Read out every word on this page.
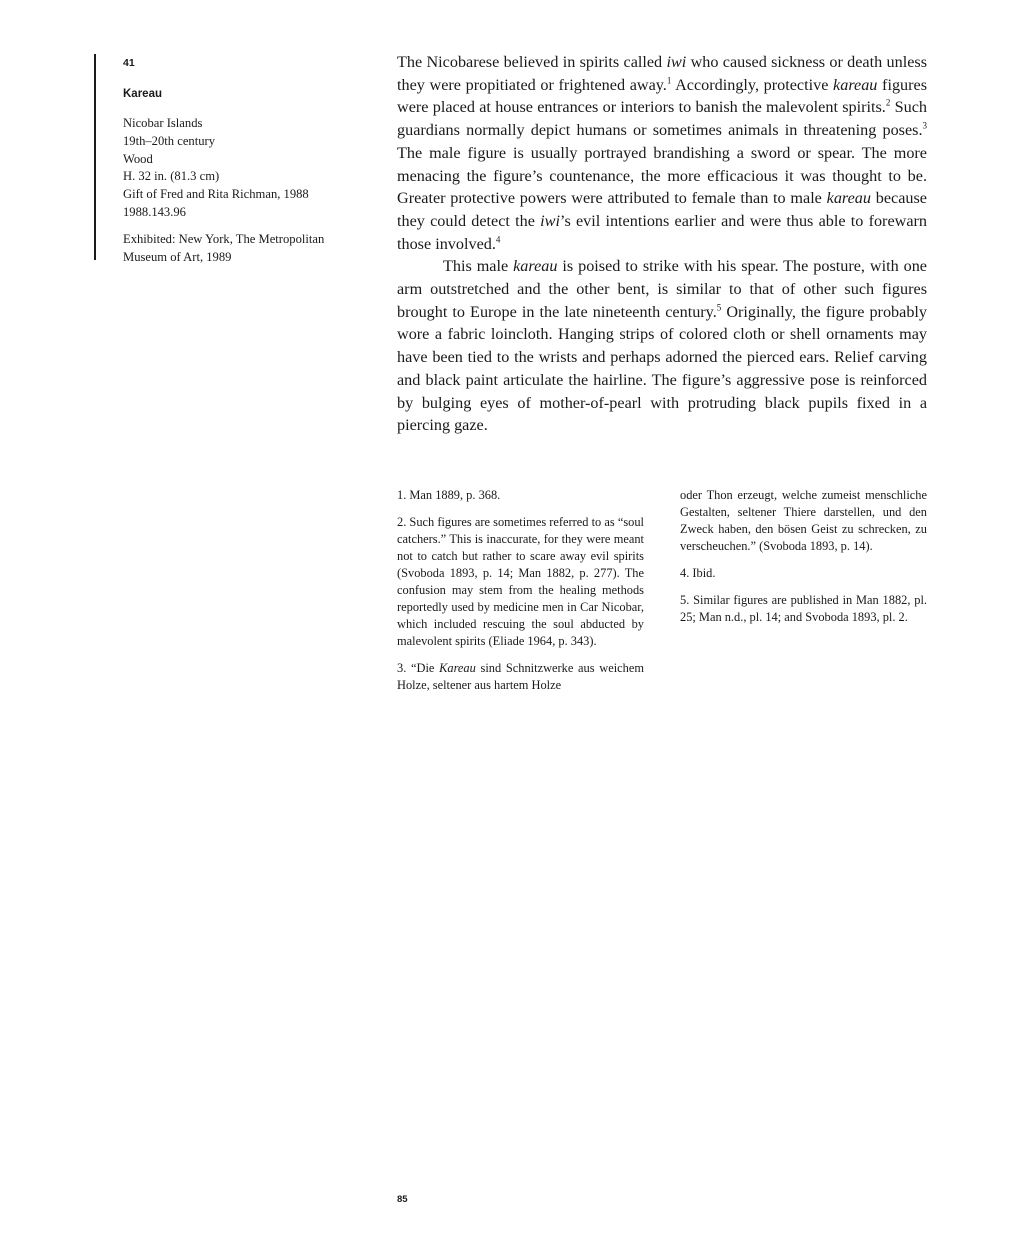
41
Kareau
Nicobar Islands
19th–20th century
Wood
H. 32 in. (81.3 cm)
Gift of Fred and Rita Richman, 1988
1988.143.96
Exhibited: New York, The Metropolitan Museum of Art, 1989

The Nicobarese believed in spirits called iwi who caused sickness or death unless they were propitiated or frightened away.$^1$ Accordingly, protective kareau figures were placed at house entrances or interiors to banish the malevolent spirits.$^2$ Such guardians normally depict humans or sometimes animals in threatening poses.$^3$ The male figure is usually portrayed brandishing a sword or spear. The more menacing the figure’s countenance, the more efficacious it was thought to be. Greater protective powers were attributed to female than to male kareau because they could detect the iwi’s evil intentions earlier and were thus able to forewarn those involved.$^4$

This male kareau is poised to strike with his spear. The posture, with one arm outstretched and the other bent, is similar to that of other such figures brought to Europe in the late nineteenth century.$^5$ Originally, the figure probably wore a fabric loincloth. Hanging strips of colored cloth or shell ornaments may have been tied to the wrists and perhaps adorned the pierced ears. Relief carving and black paint articulate the hairline. The figure’s aggressive pose is reinforced by bulging eyes of mother-of-pearl with protruding black pupils fixed in a piercing gaze.

1. Man 1889, p. 368.

2. Such figures are sometimes referred to as “soul catchers.” This is inaccurate, for they were meant not to catch but rather to scare away evil spirits (Svoboda 1893, p. 14; Man 1882, p. 277). The confusion may stem from the healing methods reportedly used by medicine men in Car Nicobar, which included rescuing the soul abducted by malevolent spirits (Eliade 1964, p. 343).

3. “Die Kareau sind Schnitzwerke aus weichem Holze, seltener aus hartem Holze

oder Thon erzeugt, welche zumeist menschliche Gestalten, seltener Thiere darstellen, und den Zweck haben, den bösen Geist zu schrecken, zu verscheuchen.” (Svoboda 1893, p. 14).

4. Ibid.

5. Similar figures are published in Man 1882, pl. 25; Man n.d., pl. 14; and Svoboda 1893, pl. 2.

85
